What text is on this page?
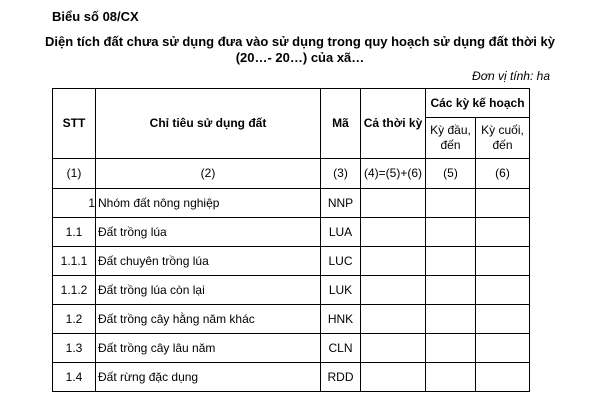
Biểu số 08/CX
Diện tích đất chưa sử dụng đưa vào sử dụng trong quy hoạch sử dụng đất thời kỳ
(20…- 20…) của xã…
Đơn vị tính: ha
STT	Chỉ tiêu sử dụng đất	Mã	Cả thời kỳ	Các kỳ kế hoạch	
				Kỳ đầu, đến	Kỳ cuối, đến
(1)	(2)	(3)	(4)=(5)+(6)	(5)	(6)
1	Nhóm đất nông nghiệp	NNP			
1.1	Đất trồng lúa	LUA			
1.1.1	Đất chuyên trồng lúa	LUC			
1.1.2	Đất trồng lúa còn lại	LUK			
1.2	Đất trồng cây hằng năm khác	HNK			
1.3	Đất trồng cây lâu năm	CLN			
1.4	Đất rừng đặc dụng	RDD			
